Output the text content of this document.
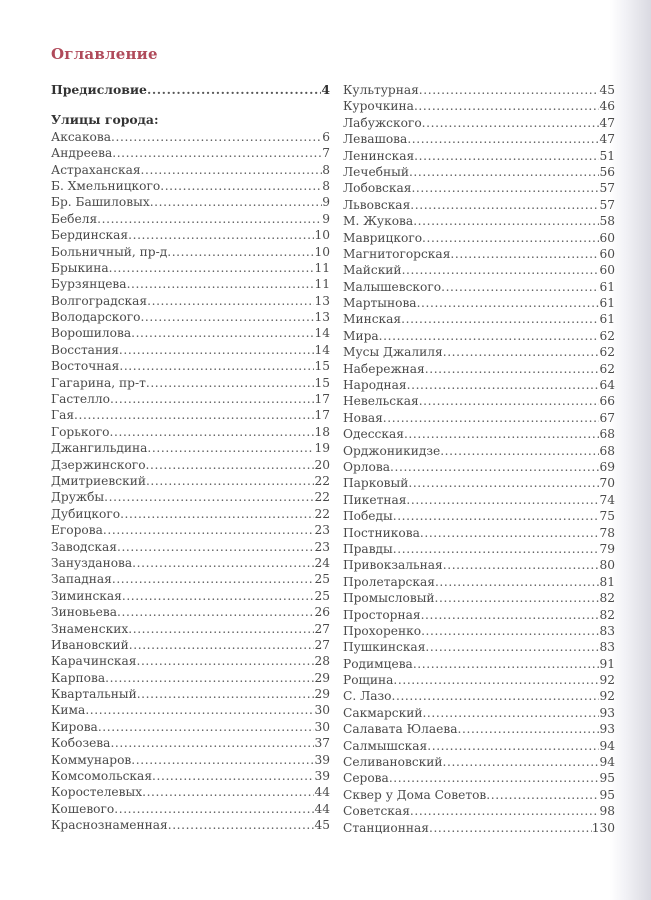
Оглавление
Предисловие .....	4
Улицы города:
Аксакова .....	6
Андреева .....	7
Астраханская .....	8
Б. Хмельницкого .....	8
Бр. Башиловых .....	9
Бебеля .....	9
Бердинская .....	10
Больничный, пр-д .....	10
Брыкина .....	11
Бурзянцева .....	11
Волгоградская .....	13
Володарского .....	13
Ворошилова .....	14
Восстания .....	14
Восточная .....	15
Гагарина, пр-т .....	15
Гастелло .....	17
Гая .....	17
Горького .....	18
Джангильдина .....	19
Дзержинского .....	20
Дмитриевский .....	22
Дружбы .....	22
Дубицкого .....	22
Егорова .....	23
Заводская .....	23
Занузданова .....	24
Западная .....	25
Зиминская .....	25
Зиновьева .....	26
Знаменских .....	27
Ивановский .....	27
Карачинская .....	28
Карпова .....	29
Квартальный .....	29
Кима .....	30
Кирова .....	30
Кобозева .....	37
Коммунаров .....	39
Комсомольская .....	39
Коростелевых .....	44
Кошевого .....	44
Краснознаменная .....	45
Культурная .....	45
Курочкина .....	46
Лабужского .....	47
Левашова .....	47
Ленинская .....	51
Лечебный .....	56
Лобовская .....	57
Львовская .....	57
М. Жукова .....	58
Маврицкого .....	60
Магнитогорская .....	60
Майский .....	60
Малышевского .....	61
Мартынова .....	61
Минская .....	61
Мира .....	62
Мусы Джалиля .....	62
Набережная .....	62
Народная .....	64
Невельская .....	66
Новая .....	67
Одесская .....	68
Орджоникидзе .....	68
Орлова .....	69
Парковый .....	70
Пикетная .....	74
Победы .....	75
Постникова .....	78
Правды .....	79
Привокзальная .....	80
Пролетарская .....	81
Промысловый .....	82
Просторная .....	82
Прохоренко .....	83
Пушкинская .....	83
Родимцева .....	91
Рощина .....	92
С. Лазо .....	92
Сакмарский .....	93
Салавата Юлаева .....	93
Салмышская .....	94
Селивановский .....	94
Серова .....	95
Сквер у Дома Советов .....	95
Советская .....	98
Станционная .....	130
